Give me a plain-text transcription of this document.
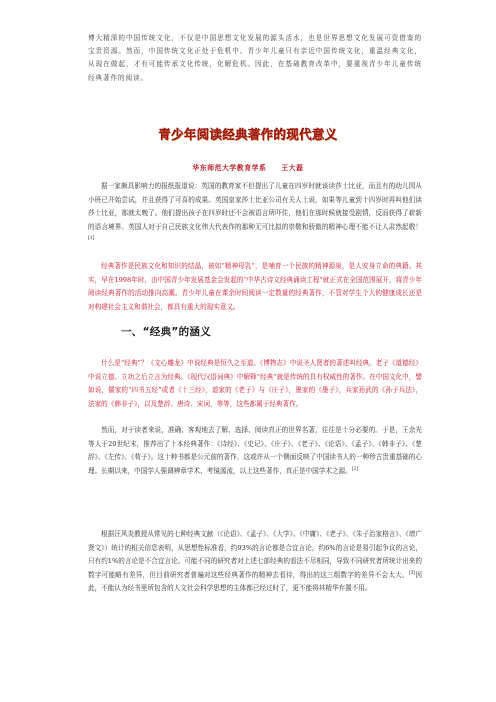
博大精深的中国传统文化，不仅是中国思想文化发展的源头活水，也是世界思想文化发展可资借鉴的宝贵资源。然而，中国传统文化正处于危机中。青少年儿童只有亲近中国传统文化，重温经典文化，从现在做起，才有可能传承文化传统，化解危机。因此，在基础教育改革中，要重视青少年儿童传统经典著作的阅读。

青少年阅读经典著作的现代意义
华东师范大学教育学系 王大磊

据一家颇具影响力的报纸报道说：英国的教育家不但提出了儿童在四岁时就该读莎士比亚，而且有的幼儿园从小班已开始尝试，并且获得了可喜的成果。英国皇家莎士比亚公司有关人士说，如果等儿童到十四岁时再叫他们读莎士比亚，那就太晚了。他们提出孩子在四岁时还不会被语言所吓住，他们在那时候就接受剧情，反而获得了崭新的语言境界。英国人对于自己民族文化伟大代表作的那种无可比拟的崇敬和骄傲的精神心理不能不让人肃然起敬！[1]

经典著作是民族文化和知识的结晶，被如“精神母乳”，是哺育一个民族的精神源泉，是人安身立命的典籍。其实，早在1998年时，由中国青少年发展基金会发起的“中华古诗文经典诵读工程”就正式在全国范围展开，将青少年阅读经典著作的活动推向高潮。青少年儿童在课余时间阅读一定数量的经典著作，不管对学生个人的健康成长还是对构建社会主义和谐社会，都具有重大的现实意义。

一、“经典”的涵义

什么是“经典”？《文心雕龙》中说经典是恒久之至道。《博物志》中说圣人贤者的著述叫经典。老子《道德经》中说立德、立功之后立言为经典。《现代汉语词典》中解释“经典”就是传统的具有权威性的著作。在中国文化中，譬如说，儒家的“四书五经”或者《十三经》，道家的《老子》与《庄子》，墨家的《墨子》，兵家孙武的《孙子兵法》，法家的《韩非子》，以及楚辞、唐诗、宋词，等等，这些都属于经典著作。

然而，对于读者来说，准确、客观地去了解、选择、阅读真正的世界名著，往往是十分必要的。于是，王余光等人于20世纪末，推荐出了十本经典著作：《诗经》、《史记》、《庄子》、《老子》、《论语》、《孟子》、《韩非子》、《楚辞》、《左传》、《荀子》。这十种书都是公元前的著作，这或许从一个侧面反映了中国读书人的一种珍古贵重基础的心理。长期以来，中国学人强调辨章学术、考镜源流，以上这些著作，真正是中国学术之源。[2]

根据汪风炎教授从常见的七种经典文献（《论语》、《孟子》、《大学》、《中庸》、《老子》、《朱子治家格言》、《增广贤文》）统计的相关信息表明，从思想性标准看，约93%的言论都是合宜言论，约6%的言论是易引起争议的言论，只有约1%的言论是不合宜言论。可能不同的研究者对上述七部经典的看法不尽相同，导致不同研究者所统计出来的数字可能略有差异，但目前研究者普遍对这些经典著作的精神去看待，得出的这三组数字的差异不会太大。[3]因此，不能认为经书里所包含的人文社会科学思想的主体都已经过时了，更不能将其精华弃置不用。
